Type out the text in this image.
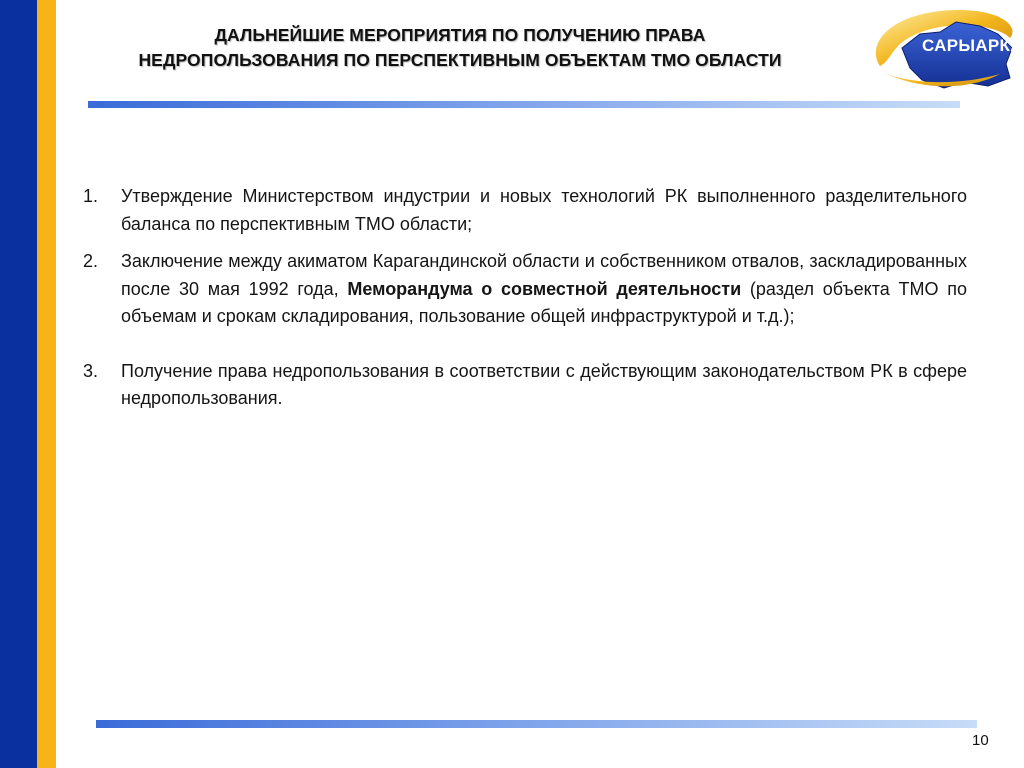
ДАЛЬНЕЙШИЕ МЕРОПРИЯТИЯ ПО ПОЛУЧЕНИЮ ПРАВА
НЕДРОПОЛЬЗОВАНИЯ ПО ПЕРСПЕКТИВНЫМ ОБЪЕКТАМ ТМО ОБЛАСТИ
САРЫАРКА
1.	Утверждение Министерством индустрии и новых технологий РК выполненного разделительного баланса по перспективным ТМО области;
2.	Заключение между акиматом Карагандинской области и собственником отвалов, заскладированных после 30 мая 1992 года, Меморандума о совместной деятельности (раздел объекта ТМО по объемам и срокам складирования, пользование общей инфраструктурой и т.д.);
3.	Получение права недропользования в соответствии с действующим законодательством РК в сфере недропользования.
10
